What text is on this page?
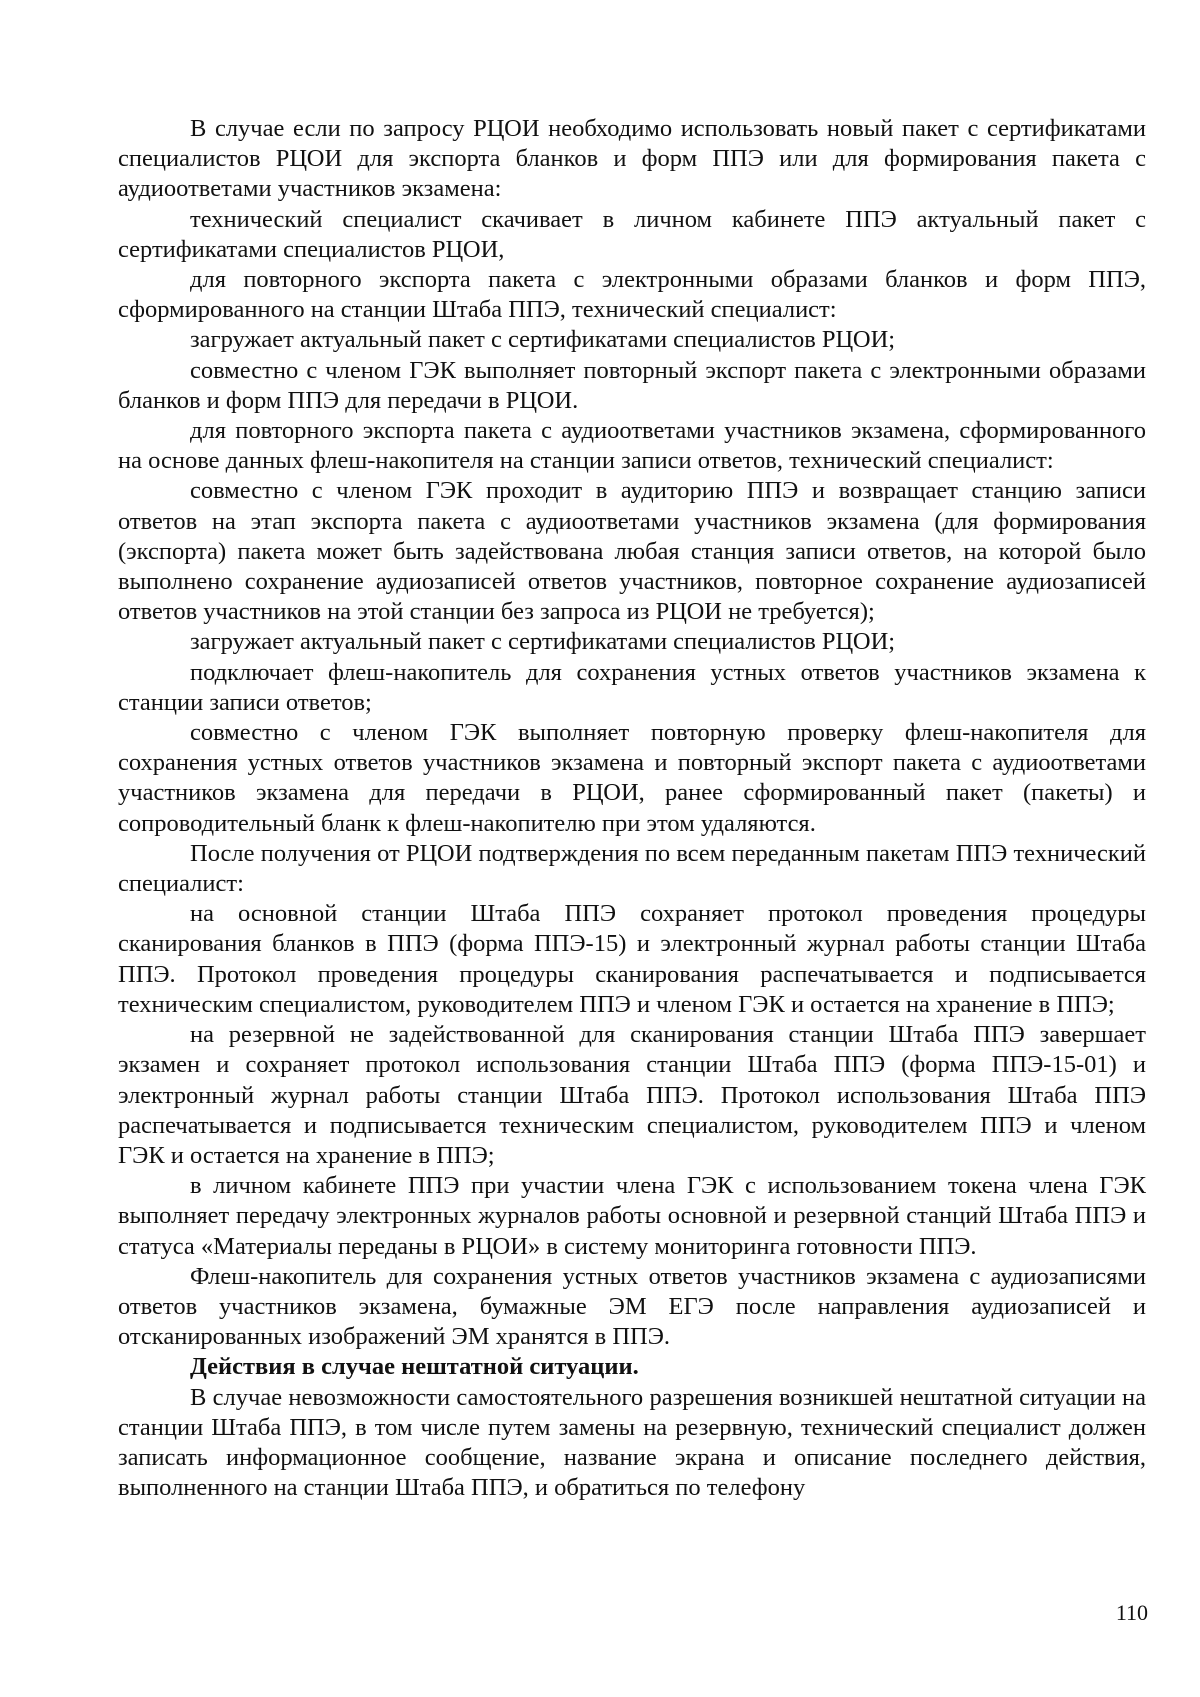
В случае если по запросу РЦОИ необходимо использовать новый пакет с сертификатами специалистов РЦОИ для экспорта бланков и форм ППЭ или для формирования пакета с аудиоответами участников экзамена:

технический специалист скачивает в личном кабинете ППЭ актуальный пакет с сертификатами специалистов РЦОИ,

для повторного экспорта пакета с электронными образами бланков и форм ППЭ, сформированного на станции Штаба ППЭ, технический специалист:

загружает актуальный пакет с сертификатами специалистов РЦОИ;

совместно с членом ГЭК выполняет повторный экспорт пакета с электронными образами бланков и форм ППЭ для передачи в РЦОИ.

для повторного экспорта пакета с аудиоответами участников экзамена, сформированного на основе данных флеш-накопителя на станции записи ответов, технический специалист:

совместно с членом ГЭК проходит в аудиторию ППЭ и возвращает станцию записи ответов на этап экспорта пакета с аудиоответами участников экзамена (для формирования (экспорта) пакета может быть задействована любая станция записи ответов, на которой было выполнено сохранение аудиозаписей ответов участников, повторное сохранение аудиозаписей ответов участников на этой станции без запроса из РЦОИ не требуется);

загружает актуальный пакет с сертификатами специалистов РЦОИ;

подключает флеш-накопитель для сохранения устных ответов участников экзамена к станции записи ответов;

совместно с членом ГЭК выполняет повторную проверку флеш-накопителя для сохранения устных ответов участников экзамена и повторный экспорт пакета с аудиоответами участников экзамена для передачи в РЦОИ, ранее сформированный пакет (пакеты) и сопроводительный бланк к флеш-накопителю при этом удаляются.

После получения от РЦОИ подтверждения по всем переданным пакетам ППЭ технический специалист:

на основной станции Штаба ППЭ сохраняет протокол проведения процедуры сканирования бланков в ППЭ (форма ППЭ-15) и электронный журнал работы станции Штаба ППЭ. Протокол проведения процедуры сканирования распечатывается и подписывается техническим специалистом, руководителем ППЭ и членом ГЭК и остается на хранение в ППЭ;

на резервной не задействованной для сканирования станции Штаба ППЭ завершает экзамен и сохраняет протокол использования станции Штаба ППЭ (форма ППЭ-15-01) и электронный журнал работы станции Штаба ППЭ. Протокол использования Штаба ППЭ распечатывается и подписывается техническим специалистом, руководителем ППЭ и членом ГЭК и остается на хранение в ППЭ;

в личном кабинете ППЭ при участии члена ГЭК с использованием токена члена ГЭК выполняет передачу электронных журналов работы основной и резервной станций Штаба ППЭ и статуса «Материалы переданы в РЦОИ» в систему мониторинга готовности ППЭ.

Флеш-накопитель для сохранения устных ответов участников экзамена с аудиозаписями ответов участников экзамена, бумажные ЭМ ЕГЭ после направления аудиозаписей и отсканированных изображений ЭМ хранятся в ППЭ.

Действия в случае нештатной ситуации.

В случае невозможности самостоятельного разрешения возникшей нештатной ситуации на станции Штаба ППЭ, в том числе путем замены на резервную, технический специалист должен записать информационное сообщение, название экрана и описание последнего действия, выполненного на станции Штаба ППЭ, и обратиться по телефону

110
